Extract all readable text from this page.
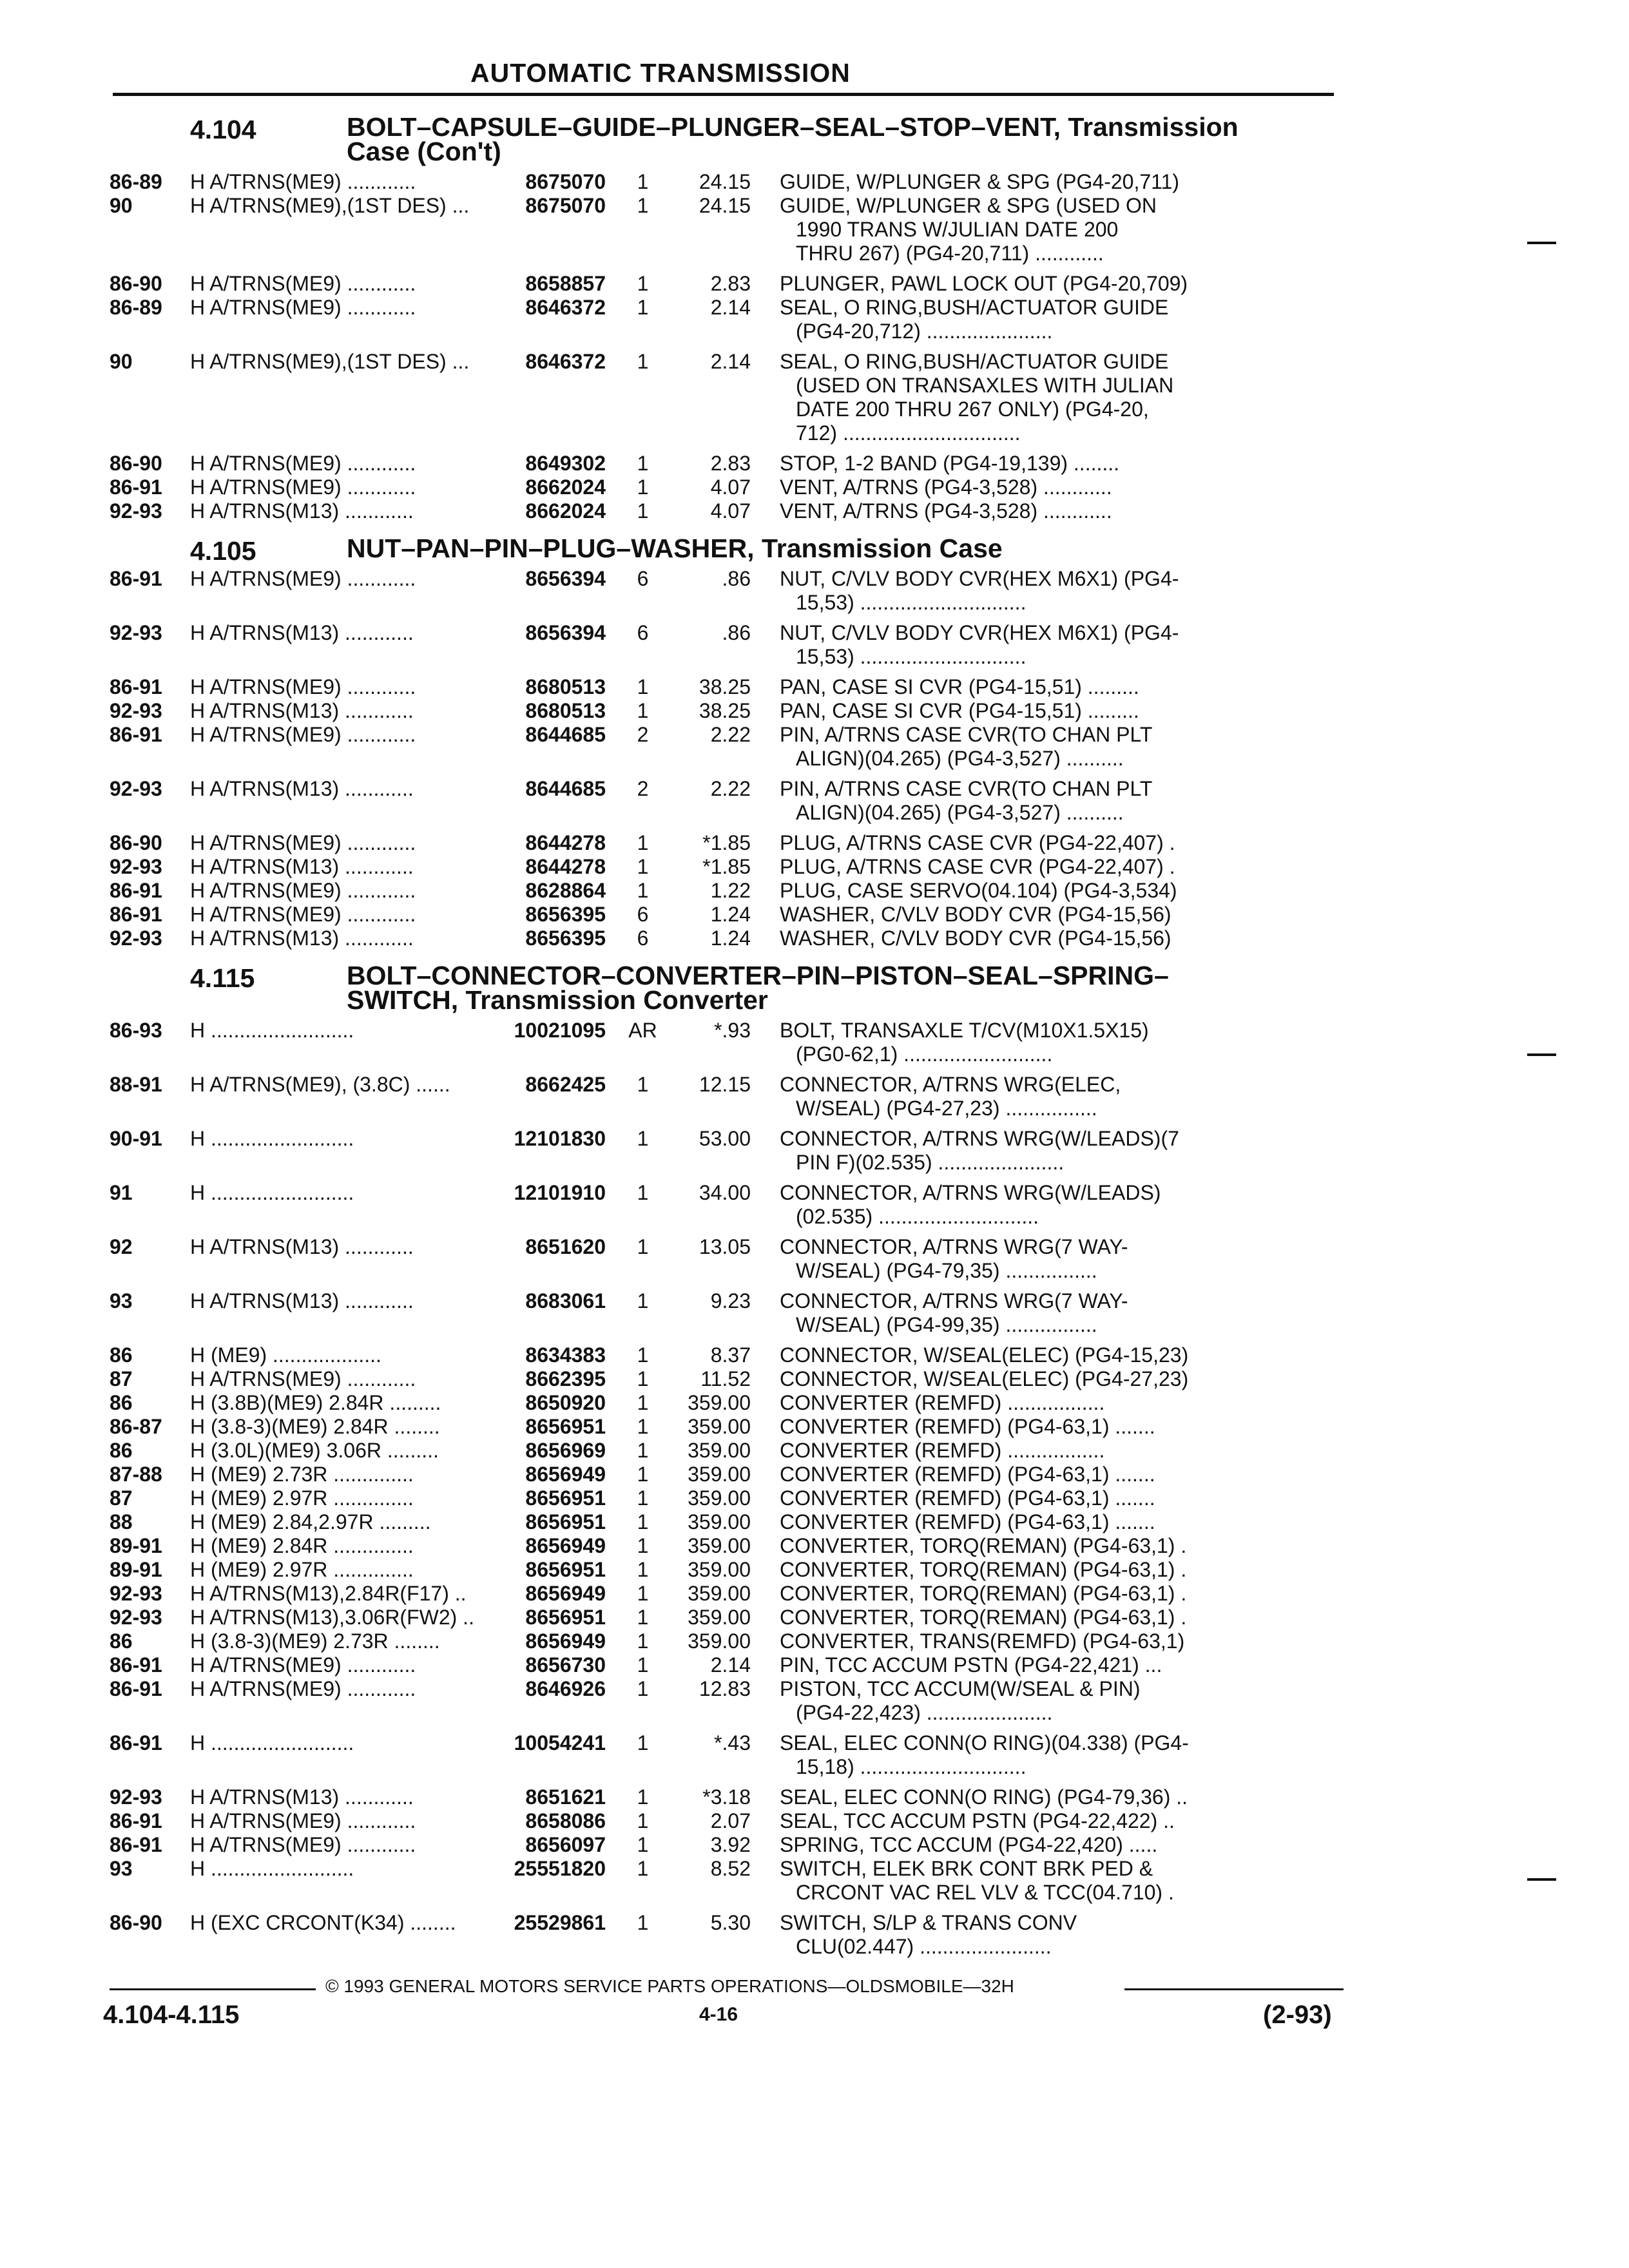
AUTOMATIC TRANSMISSION
4.104	BOLT–CAPSULE–GUIDE–PLUNGER–SEAL–STOP–VENT, Transmission
Case (Con't)
86-89	H A/TRNS(ME9) ............	8675070	1	24.15 GUIDE, W/PLUNGER & SPG (PG4-20,711)
90	H A/TRNS(ME9),(1ST DES) ...	8675070	1	24.15 GUIDE, W/PLUNGER & SPG (USED ON
1990 TRANS W/JULIAN DATE 200
THRU 267) (PG4-20,711) ............
86-90	H A/TRNS(ME9) ............	8658857	1	2.83 PLUNGER, PAWL LOCK OUT (PG4-20,709)
86-89	H A/TRNS(ME9) ............	8646372	1	2.14 SEAL, O RING,BUSH/ACTUATOR GUIDE
(PG4-20,712) ......................
90	H A/TRNS(ME9),(1ST DES) ...	8646372	1	2.14 SEAL, O RING,BUSH/ACTUATOR GUIDE
(USED ON TRANSAXLES WITH JULIAN
DATE 200 THRU 267 ONLY) (PG4-20,
712) ...............................
86-90	H A/TRNS(ME9) ............	8649302	1	2.83 STOP, 1-2 BAND (PG4-19,139) ........
86-91	H A/TRNS(ME9) ............	8662024	1	4.07 VENT, A/TRNS (PG4-3,528) ............
92-93	H A/TRNS(M13) ............	8662024	1	4.07 VENT, A/TRNS (PG4-3,528) ............
4.105	NUT–PAN–PIN–PLUG–WASHER, Transmission Case
86-91	H A/TRNS(ME9) ............	8656394	6	.86 NUT, C/VLV BODY CVR(HEX M6X1) (PG4-
15,53) .............................
92-93	H A/TRNS(M13) ............	8656394	6	.86 NUT, C/VLV BODY CVR(HEX M6X1) (PG4-
15,53) .............................
86-91	H A/TRNS(ME9) ............	8680513	1	38.25 PAN, CASE SI CVR (PG4-15,51) .........
92-93	H A/TRNS(M13) ............	8680513	1	38.25 PAN, CASE SI CVR (PG4-15,51) .........
86-91	H A/TRNS(ME9) ............	8644685	2	2.22 PIN, A/TRNS CASE CVR(TO CHAN PLT
ALIGN)(04.265) (PG4-3,527) ..........
92-93	H A/TRNS(M13) ............	8644685	2	2.22 PIN, A/TRNS CASE CVR(TO CHAN PLT
ALIGN)(04.265) (PG4-3,527) ..........
86-90	H A/TRNS(ME9) ............	8644278	1	*1.85 PLUG, A/TRNS CASE CVR (PG4-22,407) .
92-93	H A/TRNS(M13) ............	8644278	1	*1.85 PLUG, A/TRNS CASE CVR (PG4-22,407) .
86-91	H A/TRNS(ME9) ............	8628864	1	1.22 PLUG, CASE SERVO(04.104) (PG4-3,534)
86-91	H A/TRNS(ME9) ............	8656395	6	1.24 WASHER, C/VLV BODY CVR (PG4-15,56)
92-93	H A/TRNS(M13) ............	8656395	6	1.24 WASHER, C/VLV BODY CVR (PG4-15,56)
4.115	BOLT–CONNECTOR–CONVERTER–PIN–PISTON–SEAL–SPRING–
SWITCH, Transmission Converter
86-93	H .........................	10021095	AR	*.93 BOLT, TRANSAXLE T/CV(M10X1.5X15)
(PG0-62,1) ..........................
88-91	H A/TRNS(ME9), (3.8C) ......	8662425	1	12.15 CONNECTOR, A/TRNS WRG(ELEC,
W/SEAL) (PG4-27,23) ................
90-91	H .........................	12101830	1	53.00 CONNECTOR, A/TRNS WRG(W/LEADS)(7
PIN F)(02.535) ......................
91	H .........................	12101910	1	34.00 CONNECTOR, A/TRNS WRG(W/LEADS)
(02.535) ............................
92	H A/TRNS(M13) ............	8651620	1	13.05 CONNECTOR, A/TRNS WRG(7 WAY-
W/SEAL) (PG4-79,35) ................
93	H A/TRNS(M13) ............	8683061	1	9.23 CONNECTOR, A/TRNS WRG(7 WAY-
W/SEAL) (PG4-99,35) ................
86	H (ME9) ...................	8634383	1	8.37 CONNECTOR, W/SEAL(ELEC) (PG4-15,23)
87	H A/TRNS(ME9) ............	8662395	1	11.52 CONNECTOR, W/SEAL(ELEC) (PG4-27,23)
86	H (3.8B)(ME9) 2.84R .........	8650920	1	359.00 CONVERTER (REMFD) .................
86-87	H (3.8-3)(ME9) 2.84R ........	8656951	1	359.00 CONVERTER (REMFD) (PG4-63,1) .......
86	H (3.0L)(ME9) 3.06R .........	8656969	1	359.00 CONVERTER (REMFD) .................
87-88	H (ME9) 2.73R ..............	8656949	1	359.00 CONVERTER (REMFD) (PG4-63,1) .......
87	H (ME9) 2.97R ..............	8656951	1	359.00 CONVERTER (REMFD) (PG4-63,1) .......
88	H (ME9) 2.84,2.97R .........	8656951	1	359.00 CONVERTER (REMFD) (PG4-63,1) .......
89-91	H (ME9) 2.84R ..............	8656949	1	359.00 CONVERTER, TORQ(REMAN) (PG4-63,1) .
89-91	H (ME9) 2.97R ..............	8656951	1	359.00 CONVERTER, TORQ(REMAN) (PG4-63,1) .
92-93	H A/TRNS(M13),2.84R(F17) ..	8656949	1	359.00 CONVERTER, TORQ(REMAN) (PG4-63,1) .
92-93	H A/TRNS(M13),3.06R(FW2) ..	8656951	1	359.00 CONVERTER, TORQ(REMAN) (PG4-63,1) .
86	H (3.8-3)(ME9) 2.73R ........	8656949	1	359.00 CONVERTER, TRANS(REMFD) (PG4-63,1)
86-91	H A/TRNS(ME9) ............	8656730	1	2.14 PIN, TCC ACCUM PSTN (PG4-22,421) ...
86-91	H A/TRNS(ME9) ............	8646926	1	12.83 PISTON, TCC ACCUM(W/SEAL & PIN)
(PG4-22,423) ......................
86-91	H .........................	10054241	1	*.43 SEAL, ELEC CONN(O RING)(04.338) (PG4-
15,18) .............................
92-93	H A/TRNS(M13) ............	8651621	1	*3.18 SEAL, ELEC CONN(O RING) (PG4-79,36) ..
86-91	H A/TRNS(ME9) ............	8658086	1	2.07 SEAL, TCC ACCUM PSTN (PG4-22,422) ..
86-91	H A/TRNS(ME9) ............	8656097	1	3.92 SPRING, TCC ACCUM (PG4-22,420) .....
93	H .........................	25551820	1	8.52 SWITCH, ELEK BRK CONT BRK PED &
CRCONT VAC REL VLV & TCC(04.710) .
86-90	H (EXC CRCONT(K34) ........	25529861	1	5.30 SWITCH, S/LP & TRANS CONV
CLU(02.447) .......................
© 1993 GENERAL MOTORS SERVICE PARTS OPERATIONS—OLDSMOBILE—32H
4.104-4.115	4-16	(2-93)
